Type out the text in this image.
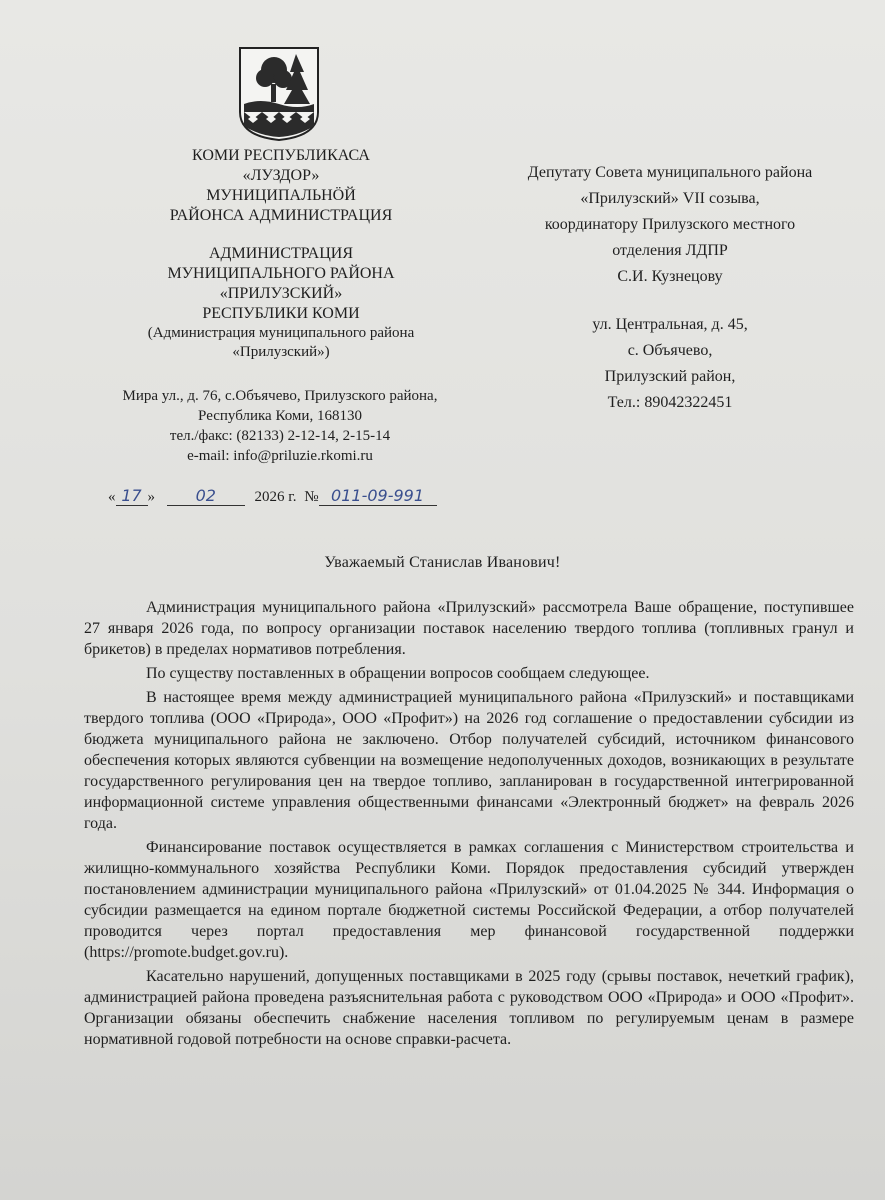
КОМИ РЕСПУБЛИКАСА
«ЛУЗДОР»
МУНИЦИПАЛЬНӦЙ
РАЙОНСА АДМИНИСТРАЦИЯ
АДМИНИСТРАЦИЯ
МУНИЦИПАЛЬНОГО РАЙОНА
«ПРИЛУЗСКИЙ»
РЕСПУБЛИКИ КОМИ
(Администрация муниципального района
«Прилузский»)
Мира ул., д. 76, с.Объячево, Прилузского района,
Республика Коми, 168130
тел./факс: (82133) 2-12-14, 2-15-14
e-mail: info@priluzie.rkomi.ru
Депутату Совета муниципального района
«Прилузский» VII созыва,
координатору Прилузского местного
отделения ЛДПР
С.И. Кузнецову
ул. Центральная, д. 45,
с. Объячево,
Прилузский район,
Тел.: 89042322451
« 17 »	02	2026 г. № 011-09-991
Уважаемый Станислав Иванович!

Администрация муниципального района «Прилузский» рассмотрела Ваше обращение, поступившее 27 января 2026 года, по вопросу организации поставок населению твердого топлива (топливных гранул и брикетов) в пределах нормативов потребления.

По существу поставленных в обращении вопросов сообщаем следующее.

В настоящее время между администрацией муниципального района «Прилузский» и поставщиками твердого топлива (ООО «Природа», ООО «Профит») на 2026 год соглашение о предоставлении субсидии из бюджета муниципального района не заключено. Отбор получателей субсидий, источником финансового обеспечения которых являются субвенции на возмещение недополученных доходов, возникающих в результате государственного регулирования цен на твердое топливо, запланирован в государственной интегрированной информационной системе управления общественными финансами «Электронный бюджет» на февраль 2026 года.

Финансирование поставок осуществляется в рамках соглашения с Министерством строительства и жилищно-коммунального хозяйства Республики Коми. Порядок предоставления субсидий утвержден постановлением администрации муниципального района «Прилузский» от 01.04.2025 № 344. Информация о субсидии размещается на едином портале бюджетной системы Российской Федерации, а отбор получателей проводится через портал предоставления мер финансовой государственной поддержки (https://promote.budget.gov.ru).

Касательно нарушений, допущенных поставщиками в 2025 году (срывы поставок, нечеткий график), администрацией района проведена разъяснительная работа с руководством ООО «Природа» и ООО «Профит». Организации обязаны обеспечить снабжение населения топливом по регулируемым ценам в размере нормативной годовой потребности на основе справки-расчета.
